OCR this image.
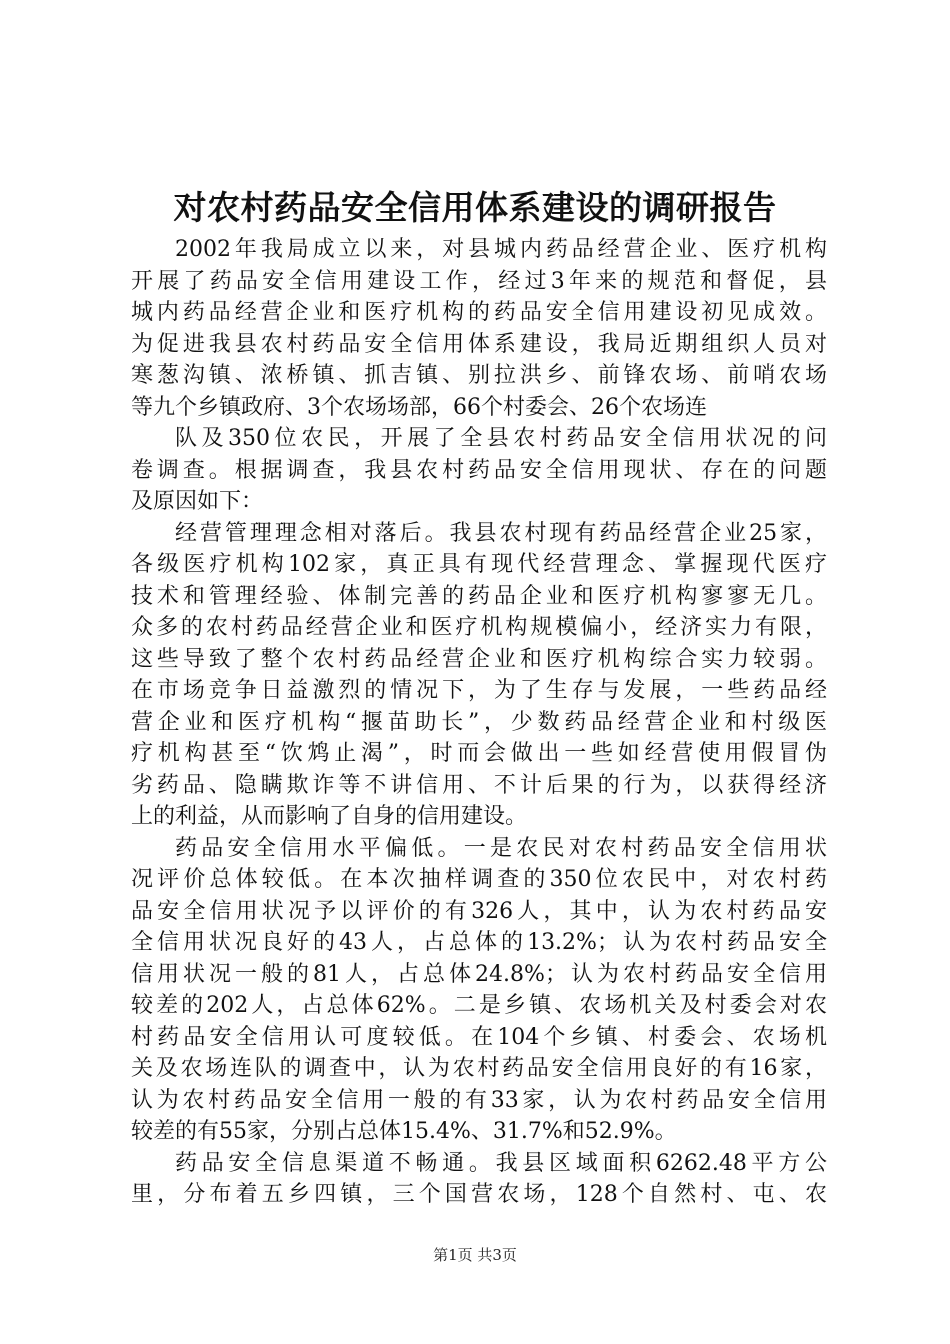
对农村药品安全信用体系建设的调研报告
2002年我局成立以来，对县城内药品经营企业、医疗机构
开展了药品安全信用建设工作，经过3年来的规范和督促，县
城内药品经营企业和医疗机构的药品安全信用建设初见成效。
为促进我县农村药品安全信用体系建设，我局近期组织人员对
寒葱沟镇、浓桥镇、抓吉镇、别拉洪乡、前锋农场、前哨农场
等九个乡镇政府、3个农场场部，66个村委会、26个农场连
队及350位农民，开展了全县农村药品安全信用状况的问
卷调查。根据调查，我县农村药品安全信用现状、存在的问题
及原因如下：
经营管理理念相对落后。我县农村现有药品经营企业25家，
各级医疗机构102家，真正具有现代经营理念、掌握现代医疗
技术和管理经验、体制完善的药品企业和医疗机构寥寥无几。
众多的农村药品经营企业和医疗机构规模偏小，经济实力有限，
这些导致了整个农村药品经营企业和医疗机构综合实力较弱。
在市场竞争日益激烈的情况下，为了生存与发展，一些药品经
营企业和医疗机构“揠苗助长”，少数药品经营企业和村级医
疗机构甚至“饮鸩止渴”，时而会做出一些如经营使用假冒伪
劣药品、隐瞒欺诈等不讲信用、不计后果的行为，以获得经济
上的利益，从而影响了自身的信用建设。
药品安全信用水平偏低。一是农民对农村药品安全信用状
况评价总体较低。在本次抽样调查的350位农民中，对农村药
品安全信用状况予以评价的有326人，其中，认为农村药品安
全信用状况良好的43人，占总体的13.2%；认为农村药品安全
信用状况一般的81人，占总体24.8%；认为农村药品安全信用
较差的202人，占总体62%。二是乡镇、农场机关及村委会对农
村药品安全信用认可度较低。在104个乡镇、村委会、农场机
关及农场连队的调查中，认为农村药品安全信用良好的有16家，
认为农村药品安全信用一般的有33家，认为农村药品安全信用
较差的有55家，分别占总体15.4%、31.7%和52.9%。
药品安全信息渠道不畅通。我县区域面积6262.48平方公
里，分布着五乡四镇，三个国营农场，128个自然村、屯、农
第1页 共3页
